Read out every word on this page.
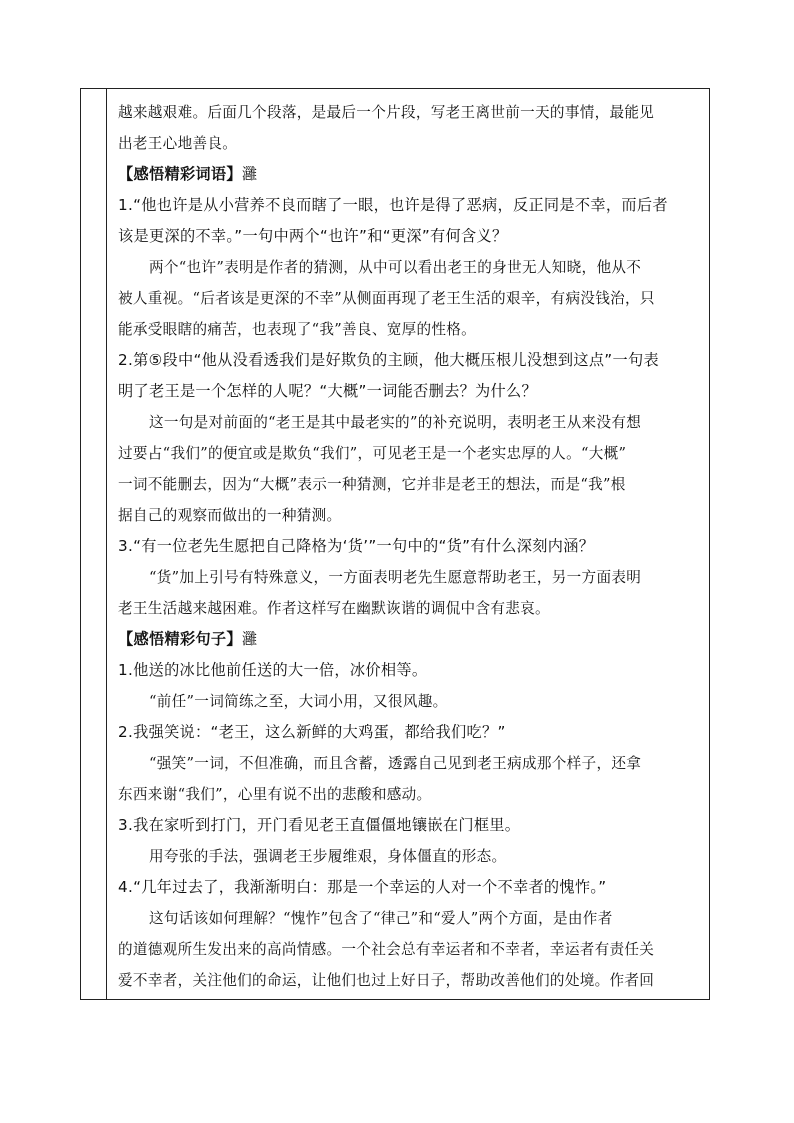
越来越艰难。后面几个段落，是最后一个片段，写老王离世前一天的事情，最能见
出老王心地善良。
【感悟精彩词语】灉
1.“他也许是从小营养不良而瞎了一眼，也许是得了恶病，反正同是不幸，而后者
该是更深的不幸。”一句中两个“也许”和“更深”有何含义？
两个“也许”表明是作者的猜测，从中可以看出老王的身世无人知晓，他从不
被人重视。“后者该是更深的不幸”从侧面再现了老王生活的艰辛，有病没钱治，只
能承受眼瞎的痛苦，也表现了“我”善良、宽厚的性格。
2.第⑤段中“他从没看透我们是好欺负的主顾，他大概压根儿没想到这点”一句表
明了老王是一个怎样的人呢？“大概”一词能否删去？为什么？
这一句是对前面的“老王是其中最老实的”的补充说明，表明老王从来没有想
过要占“我们”的便宜或是欺负“我们”，可见老王是一个老实忠厚的人。“大概”
一词不能删去，因为“大概”表示一种猜测，它并非是老王的想法，而是“我”根
据自己的观察而做出的一种猜测。
3.“有一位老先生愿把自己降格为‘货’”一句中的“货”有什么深刻内涵？
“货”加上引号有特殊意义，一方面表明老先生愿意帮助老王，另一方面表明
老王生活越来越困难。作者这样写在幽默诙谐的调侃中含有悲哀。
【感悟精彩句子】灉
1.他送的冰比他前任送的大一倍，冰价相等。
“前任”一词简练之至，大词小用，又很风趣。
2.我强笑说：“老王，这么新鲜的大鸡蛋，都给我们吃？”
“强笑”一词，不但准确，而且含蓄，透露自己见到老王病成那个样子，还拿
东西来谢“我们”，心里有说不出的悲酸和感动。
3.我在家听到打门，开门看见老王直僵僵地镶嵌在门框里。
用夸张的手法，强调老王步履维艰，身体僵直的形态。
4.“几年过去了，我渐渐明白：那是一个幸运的人对一个不幸者的愧怍。”
这句话该如何理解？“愧怍”包含了“律己”和“爱人”两个方面，是由作者
的道德观所生发出来的高尚情感。一个社会总有幸运者和不幸者，幸运者有责任关
爱不幸者，关注他们的命运，让他们也过上好日子，帮助改善他们的处境。作者回
